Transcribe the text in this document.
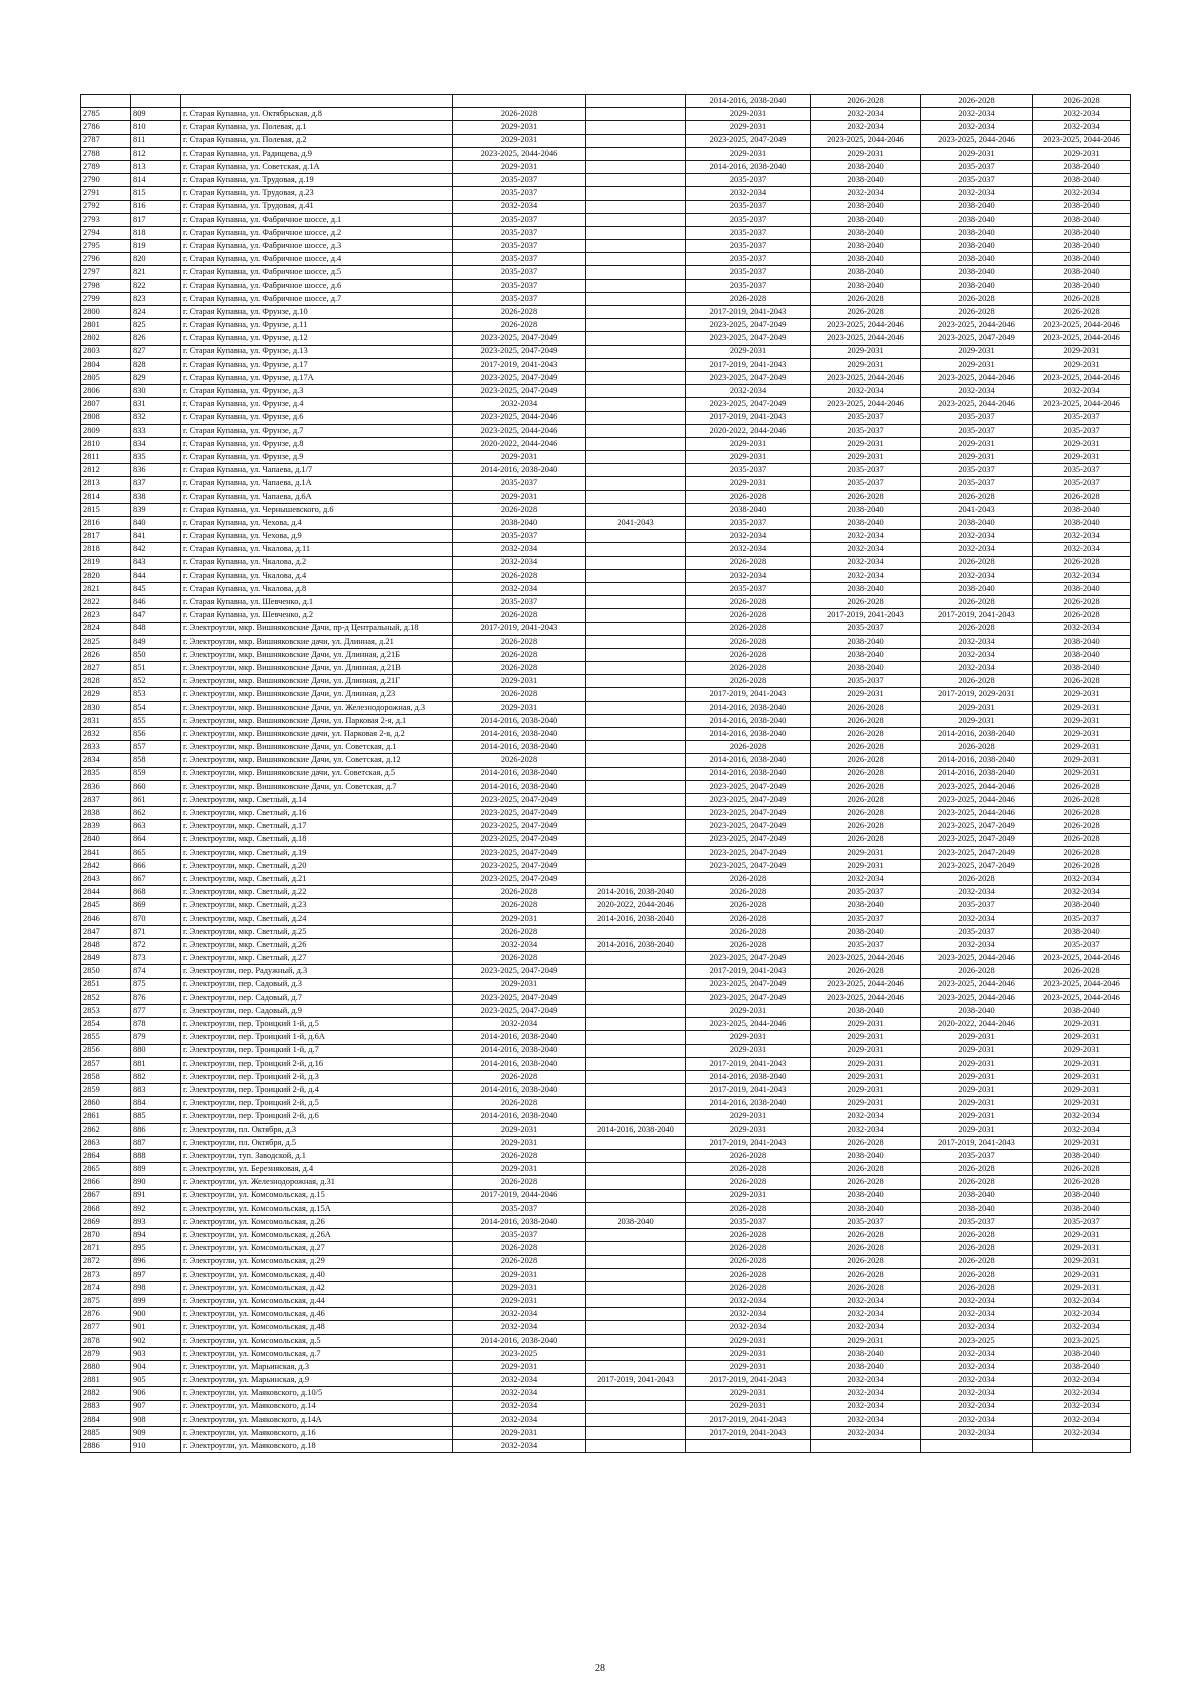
					2014-2016, 2038-2040	2026-2028	2026-2028	2026-2028
2785	809	г. Старая Купавна, ул. Октябрьская, д.8	2026-2028		2029-2031	2032-2034	2032-2034	2032-2034
2786	810	г. Старая Купавна, ул. Полевая, д.1	2029-2031		2029-2031	2032-2034	2032-2034	2032-2034
2787	811	г. Старая Купавна, ул. Полевая, д.2	2029-2031		2023-2025, 2047-2049	2023-2025, 2044-2046	2023-2025, 2044-2046	2023-2025, 2044-2046
2788	812	г. Старая Купавна, ул. Радищева, д.9	2023-2025, 2044-2046		2029-2031	2029-2031	2029-2031	2029-2031
2789	813	г. Старая Купавна, ул. Советская, д.1А	2029-2031		2014-2016, 2038-2040	2038-2040	2035-2037	2038-2040
2790	814	г. Старая Купавна, ул. Трудовая, д.19	2035-2037		2035-2037	2038-2040	2035-2037	2038-2040
2791	815	г. Старая Купавна, ул. Трудовая, д.23	2035-2037		2032-2034	2032-2034	2032-2034	2032-2034
2792	816	г. Старая Купавна, ул. Трудовая, д.41	2032-2034		2035-2037	2038-2040	2038-2040	2038-2040
2793	817	г. Старая Купавна, ул. Фабричное шоссе, д.1	2035-2037		2035-2037	2038-2040	2038-2040	2038-2040
2794	818	г. Старая Купавна, ул. Фабричное шоссе, д.2	2035-2037		2035-2037	2038-2040	2038-2040	2038-2040
2795	819	г. Старая Купавна, ул. Фабричное шоссе, д.3	2035-2037		2035-2037	2038-2040	2038-2040	2038-2040
2796	820	г. Старая Купавна, ул. Фабричное шоссе, д.4	2035-2037		2035-2037	2038-2040	2038-2040	2038-2040
2797	821	г. Старая Купавна, ул. Фабричное шоссе, д.5	2035-2037		2035-2037	2038-2040	2038-2040	2038-2040
2798	822	г. Старая Купавна, ул. Фабричное шоссе, д.6	2035-2037		2035-2037	2038-2040	2038-2040	2038-2040
2799	823	г. Старая Купавна, ул. Фабричное шоссе, д.7	2035-2037		2026-2028	2026-2028	2026-2028	2026-2028
2800	824	г. Старая Купавна, ул. Фрунзе, д.10	2026-2028		2017-2019, 2041-2043	2026-2028	2026-2028	2026-2028
2801	825	г. Старая Купавна, ул. Фрунзе, д.11	2026-2028		2023-2025, 2047-2049	2023-2025, 2044-2046	2023-2025, 2044-2046	2023-2025, 2044-2046
2802	826	г. Старая Купавна, ул. Фрунзе, д.12	2023-2025, 2047-2049		2023-2025, 2047-2049	2023-2025, 2044-2046	2023-2025, 2047-2049	2023-2025, 2044-2046
2803	827	г. Старая Купавна, ул. Фрунзе, д.13	2023-2025, 2047-2049		2029-2031	2029-2031	2029-2031	2029-2031
2804	828	г. Старая Купавна, ул. Фрунзе, д.17	2017-2019, 2041-2043		2017-2019, 2041-2043	2029-2031	2029-2031	2029-2031
2805	829	г. Старая Купавна, ул. Фрунзе, д.17А	2023-2025, 2047-2049		2023-2025, 2047-2049	2023-2025, 2044-2046	2023-2025, 2044-2046	2023-2025, 2044-2046
2806	830	г. Старая Купавна, ул. Фрунзе, д.3	2023-2025, 2047-2049		2032-2034	2032-2034	2032-2034	2032-2034
2807	831	г. Старая Купавна, ул. Фрунзе, д.4	2032-2034		2023-2025, 2047-2049	2023-2025, 2044-2046	2023-2025, 2044-2046	2023-2025, 2044-2046
2808	832	г. Старая Купавна, ул. Фрунзе, д.6	2023-2025, 2044-2046		2017-2019, 2041-2043	2035-2037	2035-2037	2035-2037
2809	833	г. Старая Купавна, ул. Фрунзе, д.7	2023-2025, 2044-2046		2020-2022, 2044-2046	2035-2037	2035-2037	2035-2037
2810	834	г. Старая Купавна, ул. Фрунзе, д.8	2020-2022, 2044-2046		2029-2031	2029-2031	2029-2031	2029-2031
2811	835	г. Старая Купавна, ул. Фрунзе, д.9	2029-2031		2029-2031	2029-2031	2029-2031	2029-2031
2812	836	г. Старая Купавна, ул. Чапаева, д.1/7	2014-2016, 2038-2040		2035-2037	2035-2037	2035-2037	2035-2037
2813	837	г. Старая Купавна, ул. Чапаева, д.1А	2035-2037		2029-2031	2035-2037	2035-2037	2035-2037
2814	838	г. Старая Купавна, ул. Чапаева, д.6А	2029-2031		2026-2028	2026-2028	2026-2028	2026-2028
2815	839	г. Старая Купавна, ул. Чернышевского, д.6	2026-2028		2038-2040	2038-2040	2041-2043	2038-2040
2816	840	г. Старая Купавна, ул. Чехова, д.4	2038-2040	2041-2043	2035-2037	2038-2040	2038-2040	2038-2040
2817	841	г. Старая Купавна, ул. Чехова, д.9	2035-2037		2032-2034	2032-2034	2032-2034	2032-2034
2818	842	г. Старая Купавна, ул. Чкалова, д.11	2032-2034		2032-2034	2032-2034	2032-2034	2032-2034
2819	843	г. Старая Купавна, ул. Чкалова, д.2	2032-2034		2026-2028	2032-2034	2026-2028	2026-2028
2820	844	г. Старая Купавна, ул. Чкалова, д.4	2026-2028		2032-2034	2032-2034	2032-2034	2032-2034
2821	845	г. Старая Купавна, ул. Чкалова, д.8	2032-2034		2035-2037	2038-2040	2038-2040	2038-2040
2822	846	г. Старая Купавна, ул. Шевченко, д.1	2035-2037		2026-2028	2026-2028	2026-2028	2026-2028
2823	847	г. Старая Купавна, ул. Шевченко, д.2	2026-2028		2026-2028	2017-2019, 2041-2043	2017-2019, 2041-2043	2026-2028
2824	848	г. Электроугли, мкр. Вишняковские Дачи, пр-д Центральный, д.18	2017-2019, 2041-2043		2026-2028	2035-2037	2026-2028	2032-2034
2825	849	г. Электроугли, мкр. Вишняковские дачи, ул. Длинная, д.21	2026-2028		2026-2028	2038-2040	2032-2034	2038-2040
2826	850	г. Электроугли, мкр. Вишняковские Дачи, ул. Длинная, д.21Б	2026-2028		2026-2028	2038-2040	2032-2034	2038-2040
2827	851	г. Электроугли, мкр. Вишняковские Дачи, ул. Длинная, д.21В	2026-2028		2026-2028	2038-2040	2032-2034	2038-2040
2828	852	г. Электроугли, мкр. Вишняковские Дачи, ул. Длинная, д.21Г	2029-2031		2026-2028	2035-2037	2026-2028	2026-2028
2829	853	г. Электроугли, мкр. Вишняковские Дачи, ул. Длинная, д.23	2026-2028		2017-2019, 2041-2043	2029-2031	2017-2019, 2029-2031	2029-2031
2830	854	г. Электроугли, мкр. Вишняковские Дачи, ул. Железнодорожная, д.3	2029-2031		2014-2016, 2038-2040	2026-2028	2029-2031	2029-2031
2831	855	г. Электроугли, мкр. Вишняковские Дачи, ул. Парковая 2-я, д.1	2014-2016, 2038-2040		2014-2016, 2038-2040	2026-2028	2029-2031	2029-2031
2832	856	г. Электроугли, мкр. Вишняковские дачи, ул. Парковая 2-я, д.2	2014-2016, 2038-2040		2014-2016, 2038-2040	2026-2028	2014-2016, 2038-2040	2029-2031
2833	857	г. Электроугли, мкр. Вишняковские Дачи, ул. Советская, д.1	2014-2016, 2038-2040		2026-2028	2026-2028	2026-2028	2029-2031
2834	858	г. Электроугли, мкр. Вишняковские Дачи, ул. Советская, д.12	2026-2028		2014-2016, 2038-2040	2026-2028	2014-2016, 2038-2040	2029-2031
2835	859	г. Электроугли, мкр. Вишняковские дачи, ул. Советская, д.5	2014-2016, 2038-2040		2014-2016, 2038-2040	2026-2028	2014-2016, 2038-2040	2029-2031
2836	860	г. Электроугли, мкр. Вишняковские Дачи, ул. Советская, д.7	2014-2016, 2038-2040		2023-2025, 2047-2049	2026-2028	2023-2025, 2044-2046	2026-2028
2837	861	г. Электроугли, мкр. Светлый, д.14	2023-2025, 2047-2049		2023-2025, 2047-2049	2026-2028	2023-2025, 2044-2046	2026-2028
2838	862	г. Электроугли, мкр. Светлый, д.16	2023-2025, 2047-2049		2023-2025, 2047-2049	2026-2028	2023-2025, 2044-2046	2026-2028
2839	863	г. Электроугли, мкр. Светлый, д.17	2023-2025, 2047-2049		2023-2025, 2047-2049	2026-2028	2023-2025, 2047-2049	2026-2028
2840	864	г. Электроугли, мкр. Светлый, д.18	2023-2025, 2047-2049		2023-2025, 2047-2049	2026-2028	2023-2025, 2047-2049	2026-2028
2841	865	г. Электроугли, мкр. Светлый, д.19	2023-2025, 2047-2049		2023-2025, 2047-2049	2029-2031	2023-2025, 2047-2049	2026-2028
2842	866	г. Электроугли, мкр. Светлый, д.20	2023-2025, 2047-2049		2023-2025, 2047-2049	2029-2031	2023-2025, 2047-2049	2026-2028
2843	867	г. Электроугли, мкр. Светлый, д.21	2023-2025, 2047-2049		2026-2028	2032-2034	2026-2028	2032-2034
2844	868	г. Электроугли, мкр. Светлый, д.22	2026-2028	2014-2016, 2038-2040	2026-2028	2035-2037	2032-2034	2032-2034
2845	869	г. Электроугли, мкр. Светлый, д.23	2026-2028	2020-2022, 2044-2046	2026-2028	2038-2040	2035-2037	2038-2040
2846	870	г. Электроугли, мкр. Светлый, д.24	2029-2031	2014-2016, 2038-2040	2026-2028	2035-2037	2032-2034	2035-2037
2847	871	г. Электроугли, мкр. Светлый, д.25	2026-2028		2026-2028	2038-2040	2035-2037	2038-2040
2848	872	г. Электроугли, мкр. Светлый, д.26	2032-2034	2014-2016, 2038-2040	2026-2028	2035-2037	2032-2034	2035-2037
2849	873	г. Электроугли, мкр. Светлый, д.27	2026-2028		2023-2025, 2047-2049	2023-2025, 2044-2046	2023-2025, 2044-2046	2023-2025, 2044-2046
2850	874	г. Электроугли, пер. Радужный, д.3	2023-2025, 2047-2049		2017-2019, 2041-2043	2026-2028	2026-2028	2026-2028
2851	875	г. Электроугли, пер. Садовый, д.3	2029-2031		2023-2025, 2047-2049	2023-2025, 2044-2046	2023-2025, 2044-2046	2023-2025, 2044-2046
2852	876	г. Электроугли, пер. Садовый, д.7	2023-2025, 2047-2049		2023-2025, 2047-2049	2023-2025, 2044-2046	2023-2025, 2044-2046	2023-2025, 2044-2046
2853	877	г. Электроугли, пер. Садовый, д.9	2023-2025, 2047-2049		2029-2031	2038-2040	2038-2040	2038-2040
2854	878	г. Электроугли, пер. Троицкий 1-й, д.5	2032-2034		2023-2025, 2044-2046	2029-2031	2020-2022, 2044-2046	2029-2031
2855	879	г. Электроугли, пер. Троицкий 1-й, д.6А	2014-2016, 2038-2040		2029-2031	2029-2031	2029-2031	2029-2031
2856	880	г. Электроугли, пер. Троицкий 1-й, д.7	2014-2016, 2038-2040		2029-2031	2029-2031	2029-2031	2029-2031
2857	881	г. Электроугли, пер. Троицкий 2-й, д.16	2014-2016, 2038-2040		2017-2019, 2041-2043	2029-2031	2029-2031	2029-2031
2858	882	г. Электроугли, пер. Троицкий 2-й, д.3	2026-2028		2014-2016, 2038-2040	2029-2031	2029-2031	2029-2031
2859	883	г. Электроугли, пер. Троицкий 2-й, д.4	2014-2016, 2038-2040		2017-2019, 2041-2043	2029-2031	2029-2031	2029-2031
2860	884	г. Электроугли, пер. Троицкий 2-й, д.5	2026-2028		2014-2016, 2038-2040	2029-2031	2029-2031	2029-2031
2861	885	г. Электроугли, пер. Троицкий 2-й, д.6	2014-2016, 2038-2040		2029-2031	2032-2034	2029-2031	2032-2034
2862	886	г. Электроугли, пл. Октября, д.3	2029-2031	2014-2016, 2038-2040	2029-2031	2032-2034	2029-2031	2032-2034
2863	887	г. Электроугли, пл. Октября, д.5	2029-2031		2017-2019, 2041-2043	2026-2028	2017-2019, 2041-2043	2029-2031
2864	888	г. Электроугли, туп. Заводской, д.1	2026-2028		2026-2028	2038-2040	2035-2037	2038-2040
2865	889	г. Электроугли, ул. Березняковая, д.4	2029-2031		2026-2028	2026-2028	2026-2028	2026-2028
2866	890	г. Электроугли, ул. Железнодорожная, д.31	2026-2028		2026-2028	2026-2028	2026-2028	2026-2028
2867	891	г. Электроугли, ул. Комсомольская, д.15	2017-2019, 2044-2046		2029-2031	2038-2040	2038-2040	2038-2040
2868	892	г. Электроугли, ул. Комсомольская, д.15А	2035-2037		2026-2028	2038-2040	2038-2040	2038-2040
2869	893	г. Электроугли, ул. Комсомольская, д.26	2014-2016, 2038-2040	2038-2040	2035-2037	2035-2037	2035-2037	2035-2037
2870	894	г. Электроугли, ул. Комсомольская, д.26А	2035-2037		2026-2028	2026-2028	2026-2028	2029-2031
2871	895	г. Электроугли, ул. Комсомольская, д.27	2026-2028		2026-2028	2026-2028	2026-2028	2029-2031
2872	896	г. Электроугли, ул. Комсомольская, д.29	2026-2028		2026-2028	2026-2028	2026-2028	2029-2031
2873	897	г. Электроугли, ул. Комсомольская, д.40	2029-2031		2026-2028	2026-2028	2026-2028	2029-2031
2874	898	г. Электроугли, ул. Комсомольская, д.42	2029-2031		2026-2028	2026-2028	2026-2028	2029-2031
2875	899	г. Электроугли, ул. Комсомольская, д.44	2029-2031		2032-2034	2032-2034	2032-2034	2032-2034
2876	900	г. Электроугли, ул. Комсомольская, д.46	2032-2034		2032-2034	2032-2034	2032-2034	2032-2034
2877	901	г. Электроугли, ул. Комсомольская, д.48	2032-2034		2032-2034	2032-2034	2032-2034	2032-2034
2878	902	г. Электроугли, ул. Комсомольская, д.5	2014-2016, 2038-2040		2029-2031	2029-2031	2023-2025	2023-2025
2879	903	г. Электроугли, ул. Комсомольская, д.7	2023-2025		2029-2031	2038-2040	2032-2034	2038-2040
2880	904	г. Электроугли, ул. Марьинская, д.3	2029-2031		2029-2031	2038-2040	2032-2034	2038-2040
2881	905	г. Электроугли, ул. Марьинская, д.9	2032-2034	2017-2019, 2041-2043	2017-2019, 2041-2043	2032-2034	2032-2034	2032-2034
2882	906	г. Электроугли, ул. Маяковского, д.10/5	2032-2034		2029-2031	2032-2034	2032-2034	2032-2034
2883	907	г. Электроугли, ул. Маяковского, д.14	2032-2034		2029-2031	2032-2034	2032-2034	2032-2034
2884	908	г. Электроугли, ул. Маяковского, д.14А	2032-2034		2017-2019, 2041-2043	2032-2034	2032-2034	2032-2034
2885	909	г. Электроугли, ул. Маяковского, д.16	2029-2031		2017-2019, 2041-2043	2032-2034	2032-2034	2032-2034
2886	910	г. Электроугли, ул. Маяковского, д.18	2032-2034					
28
